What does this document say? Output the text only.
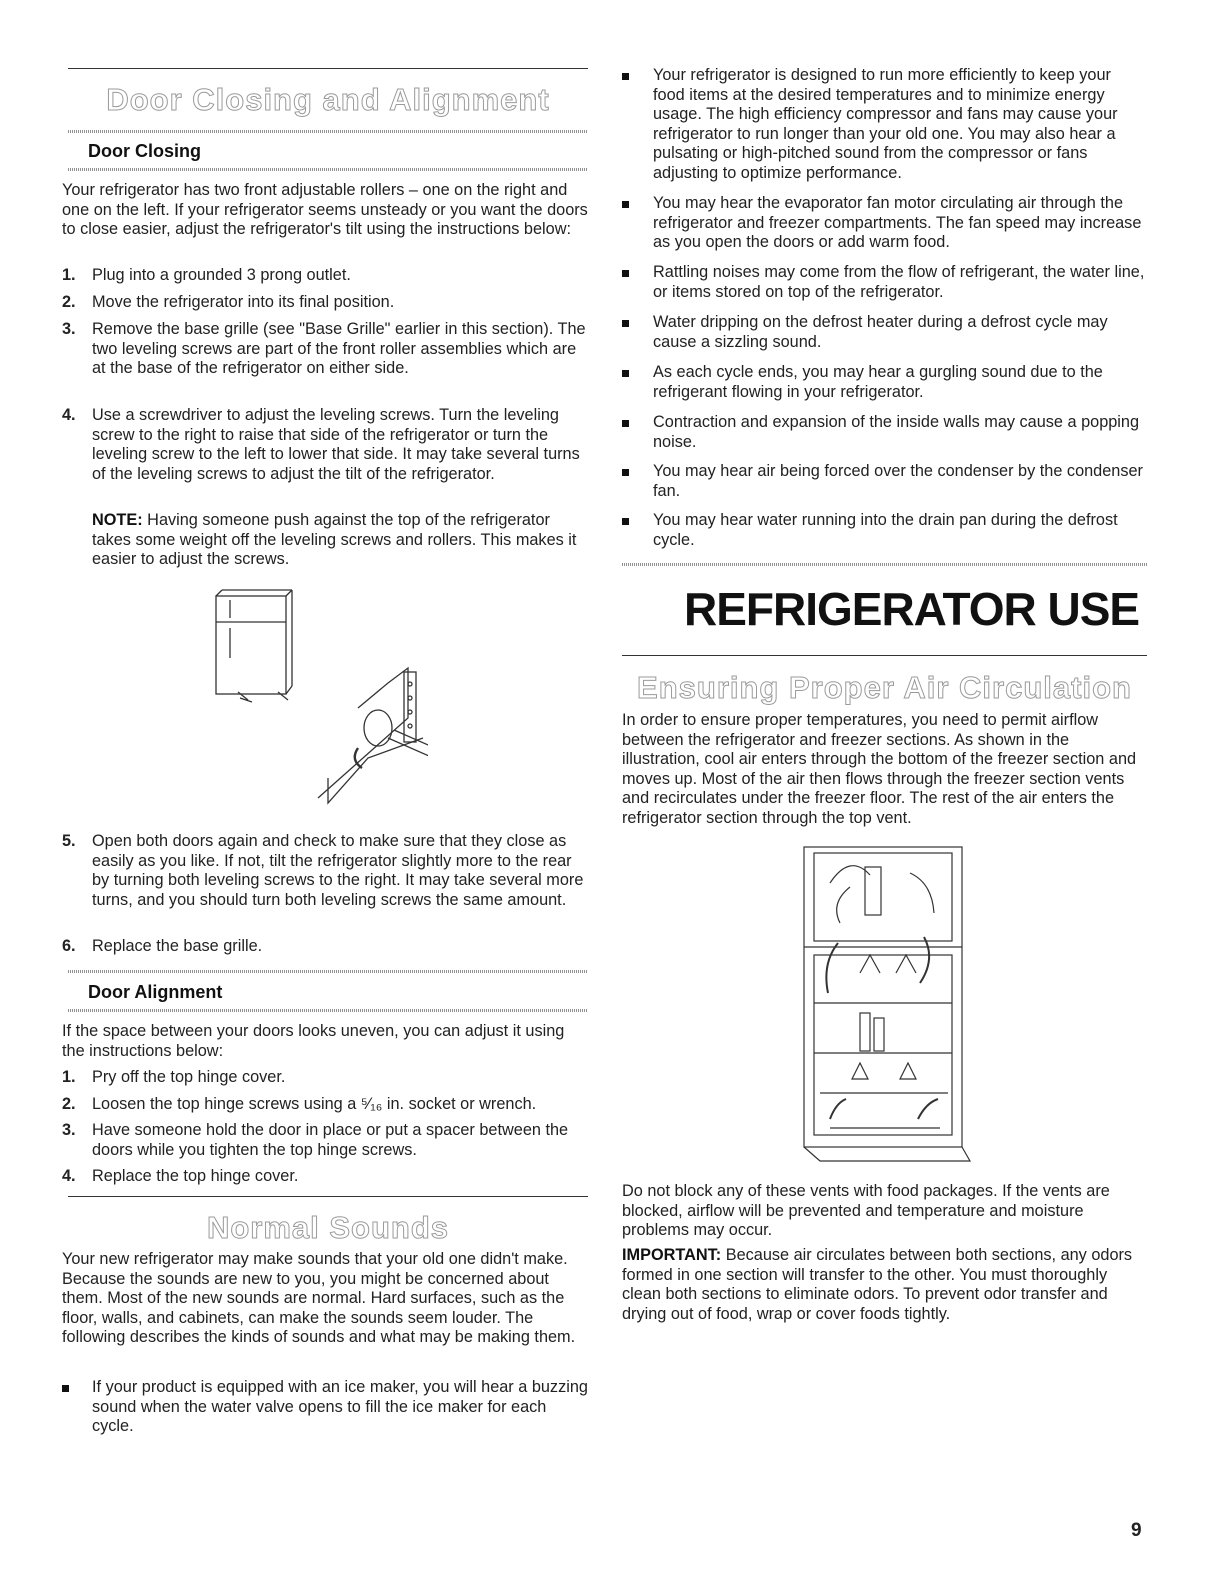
Door Closing and Alignment
Door Closing

Your refrigerator has two front adjustable rollers – one on the right and one on the left. If your refrigerator seems unsteady or you want the doors to close easier, adjust the refrigerator's tilt using the instructions below:

1.	Plug into a grounded 3 prong outlet.
2.	Move the refrigerator into its final position.
3.	Remove the base grille (see "Base Grille" earlier in this section). The two leveling screws are part of the front roller assemblies which are at the base of the refrigerator on either side.
4.	Use a screwdriver to adjust the leveling screws. Turn the leveling screw to the right to raise that side of the refrigerator or turn the leveling screw to the left to lower that side. It may take several turns of the leveling screws to adjust the tilt of the refrigerator.
NOTE: Having someone push against the top of the refrigerator takes some weight off the leveling screws and rollers. This makes it easier to adjust the screws.
5.	Open both doors again and check to make sure that they close as easily as you like. If not, tilt the refrigerator slightly more to the rear by turning both leveling screws to the right. It may take several more turns, and you should turn both leveling screws the same amount.
6.	Replace the base grille.
Door Alignment

If the space between your doors looks uneven, you can adjust it using the instructions below:

1.	Pry off the top hinge cover.
2.	Loosen the top hinge screws using a ⁵⁄₁₆ in. socket or wrench.
3.	Have someone hold the door in place or put a spacer between the doors while you tighten the top hinge screws.
4.	Replace the top hinge cover.
Normal Sounds

Your new refrigerator may make sounds that your old one didn't make. Because the sounds are new to you, you might be concerned about them. Most of the new sounds are normal. Hard surfaces, such as the floor, walls, and cabinets, can make the sounds seem louder. The following describes the kinds of sounds and what may be making them.

If your product is equipped with an ice maker, you will hear a buzzing sound when the water valve opens to fill the ice maker for each cycle.
Your refrigerator is designed to run more efficiently to keep your food items at the desired temperatures and to minimize energy usage. The high efficiency compressor and fans may cause your refrigerator to run longer than your old one. You may also hear a pulsating or high-pitched sound from the compressor or fans adjusting to optimize performance.
You may hear the evaporator fan motor circulating air through the refrigerator and freezer compartments. The fan speed may increase as you open the doors or add warm food.
Rattling noises may come from the flow of refrigerant, the water line, or items stored on top of the refrigerator.
Water dripping on the defrost heater during a defrost cycle may cause a sizzling sound.
As each cycle ends, you may hear a gurgling sound due to the refrigerant flowing in your refrigerator.
Contraction and expansion of the inside walls may cause a popping noise.
You may hear air being forced over the condenser by the condenser fan.
You may hear water running into the drain pan during the defrost cycle.
REFRIGERATOR USE
Ensuring Proper Air Circulation

In order to ensure proper temperatures, you need to permit airflow between the refrigerator and freezer sections. As shown in the illustration, cool air enters through the bottom of the freezer section and moves up. Most of the air then flows through the freezer section vents and recirculates under the freezer floor. The rest of the air enters the refrigerator section through the top vent.

Do not block any of these vents with food packages. If the vents are blocked, airflow will be prevented and temperature and moisture problems may occur.

IMPORTANT: Because air circulates between both sections, any odors formed in one section will transfer to the other. You must thoroughly clean both sections to eliminate odors. To prevent odor transfer and drying out of food, wrap or cover foods tightly.
9
